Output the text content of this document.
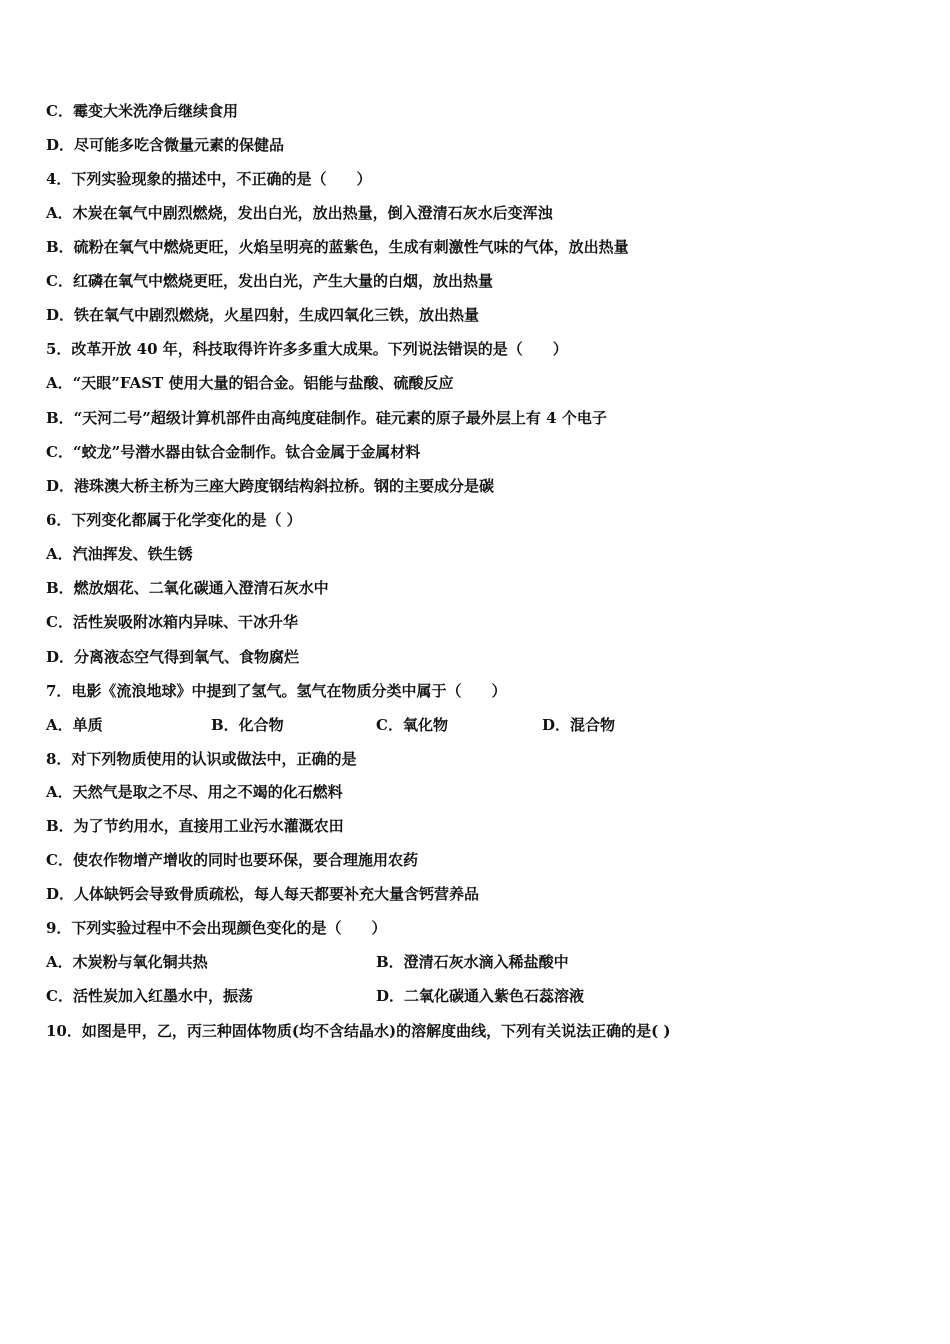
C．霉变大米洗净后继续食用
D．尽可能多吃含微量元素的保健品
4．下列实验现象的描述中，不正确的是（　　）
A．木炭在氧气中剧烈燃烧，发出白光，放出热量，倒入澄清石灰水后变浑浊
B．硫粉在氧气中燃烧更旺，火焰呈明亮的蓝紫色，生成有刺激性气味的气体，放出热量
C．红磷在氧气中燃烧更旺，发出白光，产生大量的白烟，放出热量
D．铁在氧气中剧烈燃烧，火星四射，生成四氧化三铁，放出热量
5．改革开放 40 年，科技取得许许多多重大成果。下列说法错误的是（　　）
A．“天眼”FAST 使用大量的铝合金。铝能与盐酸、硫酸反应
B．“天河二号”超级计算机部件由高纯度硅制作。硅元素的原子最外层上有 4 个电子
C．“蛟龙”号潜水器由钛合金制作。钛合金属于金属材料
D．港珠澳大桥主桥为三座大跨度钢结构斜拉桥。钢的主要成分是碳
6．下列变化都属于化学变化的是（ ）
A．汽油挥发、铁生锈
B．燃放烟花、二氧化碳通入澄清石灰水中
C．活性炭吸附冰箱内异味、干冰升华
D．分离液态空气得到氧气、食物腐烂
7．电影《流浪地球》中提到了氢气。氢气在物质分类中属于（　　）
A．单质	B．化合物	C．氧化物	D．混合物
8．对下列物质使用的认识或做法中，正确的是
A．天然气是取之不尽、用之不竭的化石燃料
B．为了节约用水，直接用工业污水灌溉农田
C．使农作物增产增收的同时也要环保，要合理施用农药
D．人体缺钙会导致骨质疏松，每人每天都要补充大量含钙营养品
9．下列实验过程中不会出现颜色变化的是（　　）
A．木炭粉与氧化铜共热	B．澄清石灰水滴入稀盐酸中
C．活性炭加入红墨水中，振荡	D．二氧化碳通入紫色石蕊溶液
10．如图是甲，乙，丙三种固体物质(均不含结晶水)的溶解度曲线，下列有关说法正确的是( )
